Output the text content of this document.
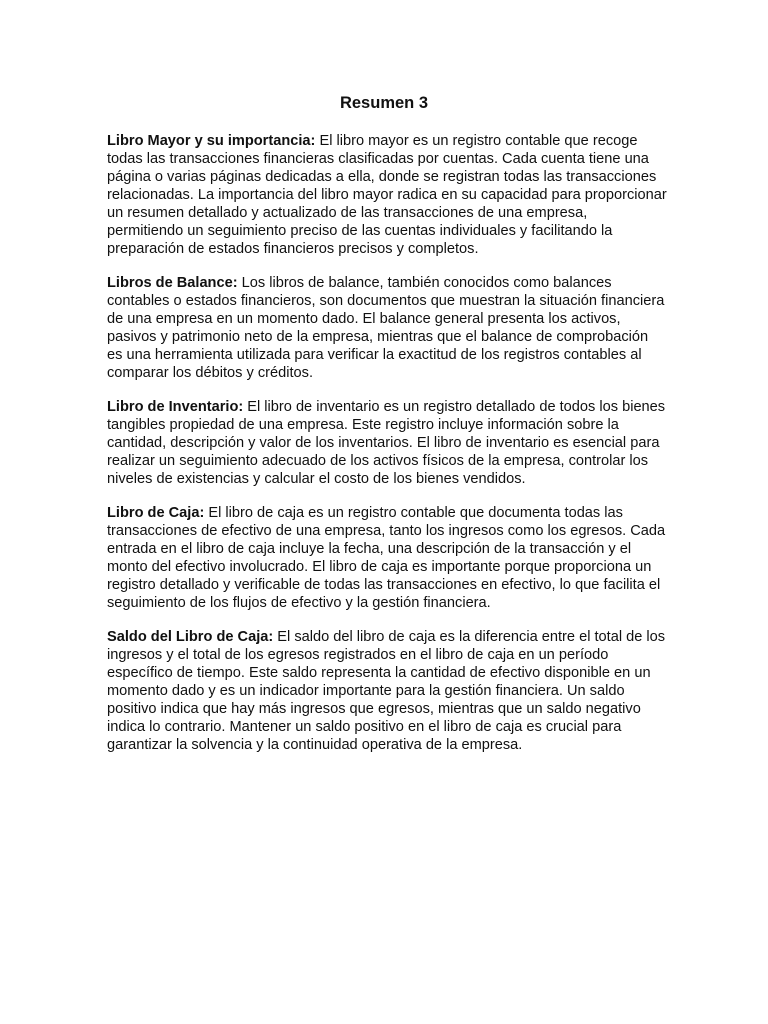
Resumen 3

Libro Mayor y su importancia: El libro mayor es un registro contable que recoge todas las transacciones financieras clasificadas por cuentas. Cada cuenta tiene una página o varias páginas dedicadas a ella, donde se registran todas las transacciones relacionadas. La importancia del libro mayor radica en su capacidad para proporcionar un resumen detallado y actualizado de las transacciones de una empresa, permitiendo un seguimiento preciso de las cuentas individuales y facilitando la preparación de estados financieros precisos y completos.

Libros de Balance: Los libros de balance, también conocidos como balances contables o estados financieros, son documentos que muestran la situación financiera de una empresa en un momento dado. El balance general presenta los activos, pasivos y patrimonio neto de la empresa, mientras que el balance de comprobación es una herramienta utilizada para verificar la exactitud de los registros contables al comparar los débitos y créditos.

Libro de Inventario: El libro de inventario es un registro detallado de todos los bienes tangibles propiedad de una empresa. Este registro incluye información sobre la cantidad, descripción y valor de los inventarios. El libro de inventario es esencial para realizar un seguimiento adecuado de los activos físicos de la empresa, controlar los niveles de existencias y calcular el costo de los bienes vendidos.

Libro de Caja: El libro de caja es un registro contable que documenta todas las transacciones de efectivo de una empresa, tanto los ingresos como los egresos. Cada entrada en el libro de caja incluye la fecha, una descripción de la transacción y el monto del efectivo involucrado. El libro de caja es importante porque proporciona un registro detallado y verificable de todas las transacciones en efectivo, lo que facilita el seguimiento de los flujos de efectivo y la gestión financiera.

Saldo del Libro de Caja: El saldo del libro de caja es la diferencia entre el total de los ingresos y el total de los egresos registrados en el libro de caja en un período específico de tiempo. Este saldo representa la cantidad de efectivo disponible en un momento dado y es un indicador importante para la gestión financiera. Un saldo positivo indica que hay más ingresos que egresos, mientras que un saldo negativo indica lo contrario. Mantener un saldo positivo en el libro de caja es crucial para garantizar la solvencia y la continuidad operativa de la empresa.
